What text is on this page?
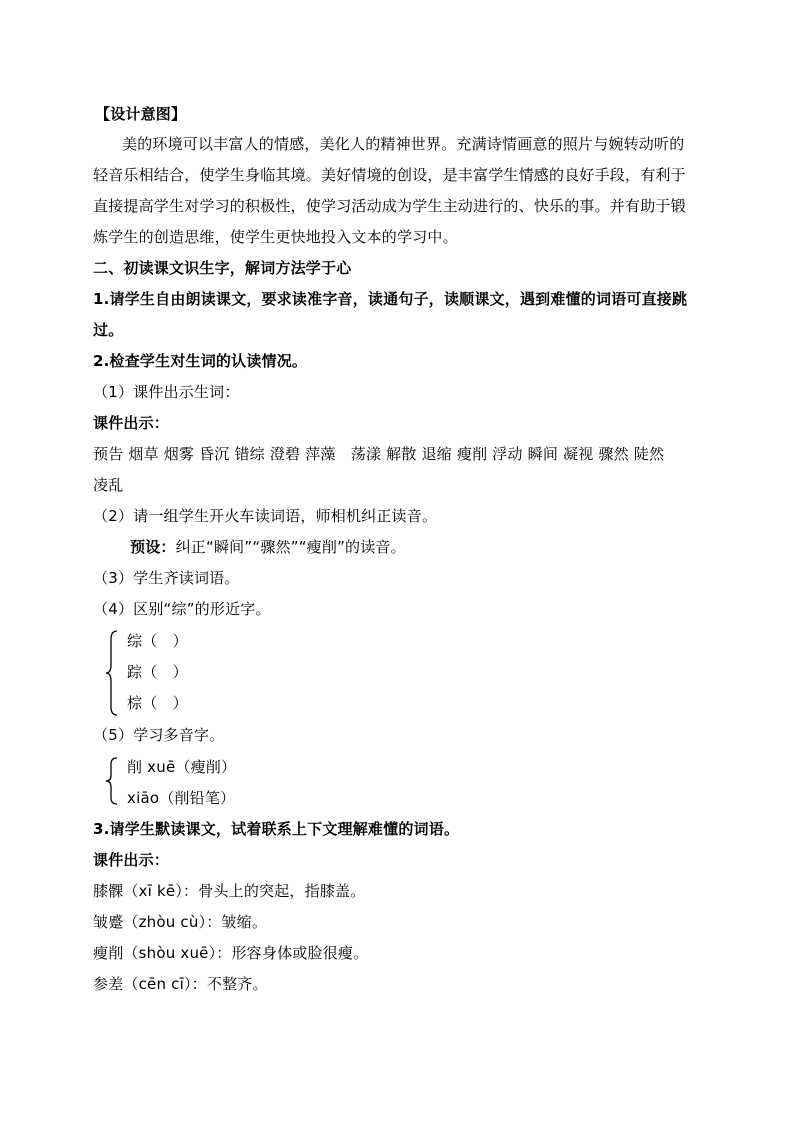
【设计意图】
美的环境可以丰富人的情感，美化人的精神世界。充满诗情画意的照片与婉转动听的
轻音乐相结合，使学生身临其境。美好情境的创设，是丰富学生情感的良好手段，有利于
直接提高学生对学习的积极性，使学习活动成为学生主动进行的、快乐的事。并有助于锻
炼学生的创造思维，使学生更快地投入文本的学习中。
二、初读课文识生字，解词方法学于心
1.请学生自由朗读课文，要求读准字音，读通句子，读顺课文，遇到难懂的词语可直接跳
过。
2.检查学生对生词的认读情况。
（1）课件出示生词：
课件出示：
预告 烟草 烟雾 昏沉 错综 澄碧 萍藻　荡漾 解散 退缩 瘦削 浮动 瞬间 凝视 骤然 陡然
凌乱
（2）请一组学生开火车读词语，师相机纠正读音。
预设：纠正“瞬间”“骤然”“瘦削”的读音。
（3）学生齐读词语。
（4）区别“综”的形近字。
综（　）
踪（　）
棕（　）
（5）学习多音字。
削 xuē（瘦削）
xiāo（削铅笔）
3.请学生默读课文，试着联系上下文理解难懂的词语。
课件出示：
膝髁（xī kē）：骨头上的突起，指膝盖。
皱蹙（zhòu cù）：皱缩。
瘦削（shòu xuē）：形容身体或脸很瘦。
参差（cēn cī）：不整齐。
